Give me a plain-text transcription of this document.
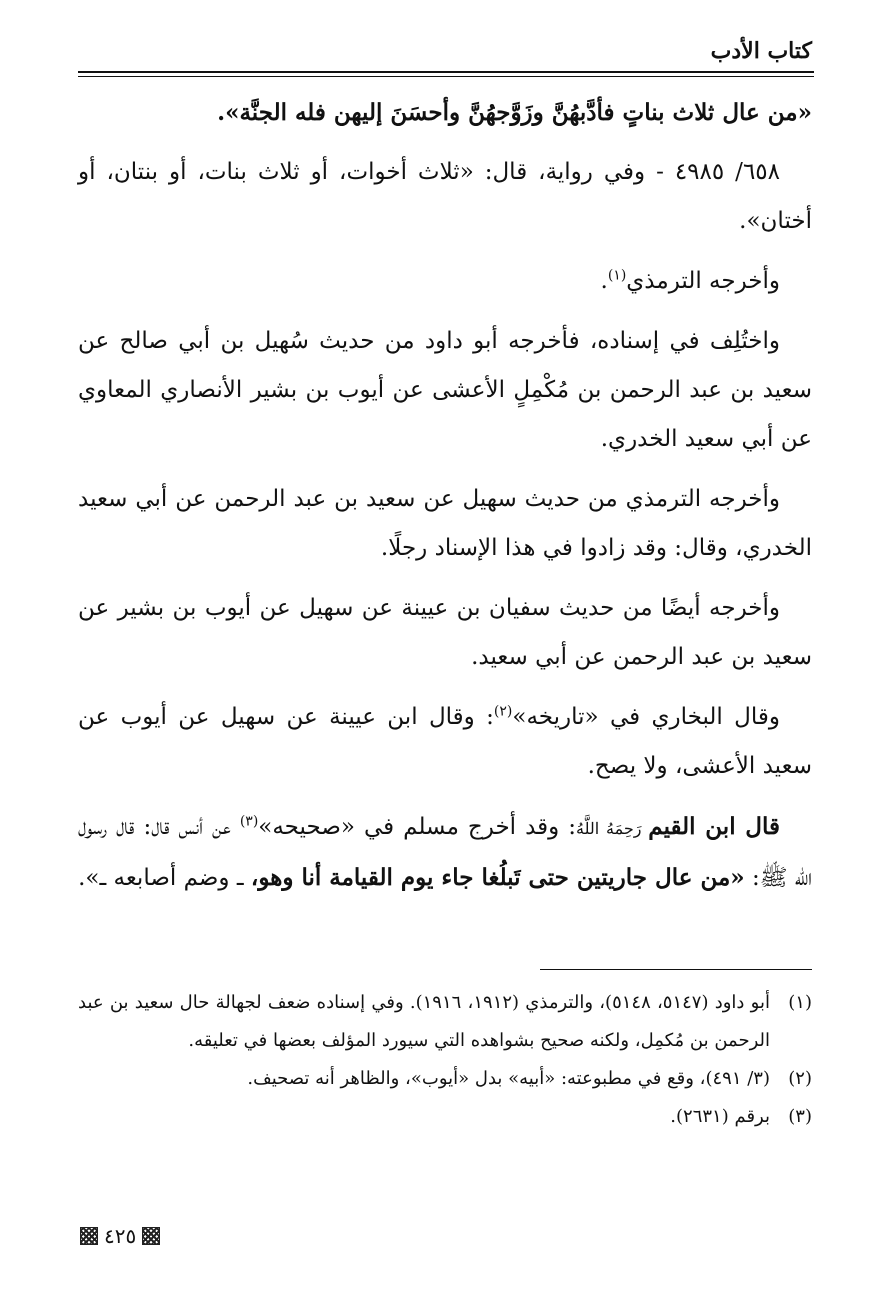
كتاب الأدب

«من عال ثلاث بناتٍ فأدَّبهُنَّ وزَوَّجهُنَّ وأحسَنَ إليهن فله الجنَّة».

٦٥٨/ ٤٩٨٥ - وفي رواية، قال: «ثلاث أخوات، أو ثلاث بنات، أو بنتان، أو أختان».

وأخرجه الترمذي$^{(١)}$.

واختُلِف في إسناده، فأخرجه أبو داود من حديث سُهيل بن أبي صالح عن سعيد بن عبد الرحمن بن مُكْمِلٍ الأعشى عن أيوب بن بشير الأنصاري المعاوي عن أبي سعيد الخدري.

وأخرجه الترمذي من حديث سهيل عن سعيد بن عبد الرحمن عن أبي سعيد الخدري، وقال: وقد زادوا في هذا الإسناد رجلًا.

وأخرجه أيضًا من حديث سفيان بن عيينة عن سهيل عن أيوب بن بشير عن سعيد بن عبد الرحمن عن أبي سعيد.

وقال البخاري في «تاريخه»$^{(٢)}$: وقال ابن عيينة عن سهيل عن أيوب عن سعيد الأعشى، ولا يصح.

قال ابن القيم رَحِمَهُ اللَّهُ: وقد أخرج مسلم في «صحيحه»$^{(٣)}$ عن أنس قال: قال رسول الله ﷺ: «من عال جاريتين حتى تَبلُغا جاء يوم القيامة أنا وهو، ـ وضم أصابعه ـ».

(١)
أبو داود (٥١٤٧، ٥١٤٨)، والترمذي (١٩١٢، ١٩١٦). وفي إسناده ضعف لجهالة حال سعيد بن عبد الرحمن بن مُكمِل، ولكنه صحيح بشواهده التي سيورد المؤلف بعضها في تعليقه.
(٢)
(٣/ ٤٩١)، وقع في مطبوعته: «أبيه» بدل «أيوب»، والظاهر أنه تصحيف.
(٣)
برقم (٢٦٣١).
٤٢٥
